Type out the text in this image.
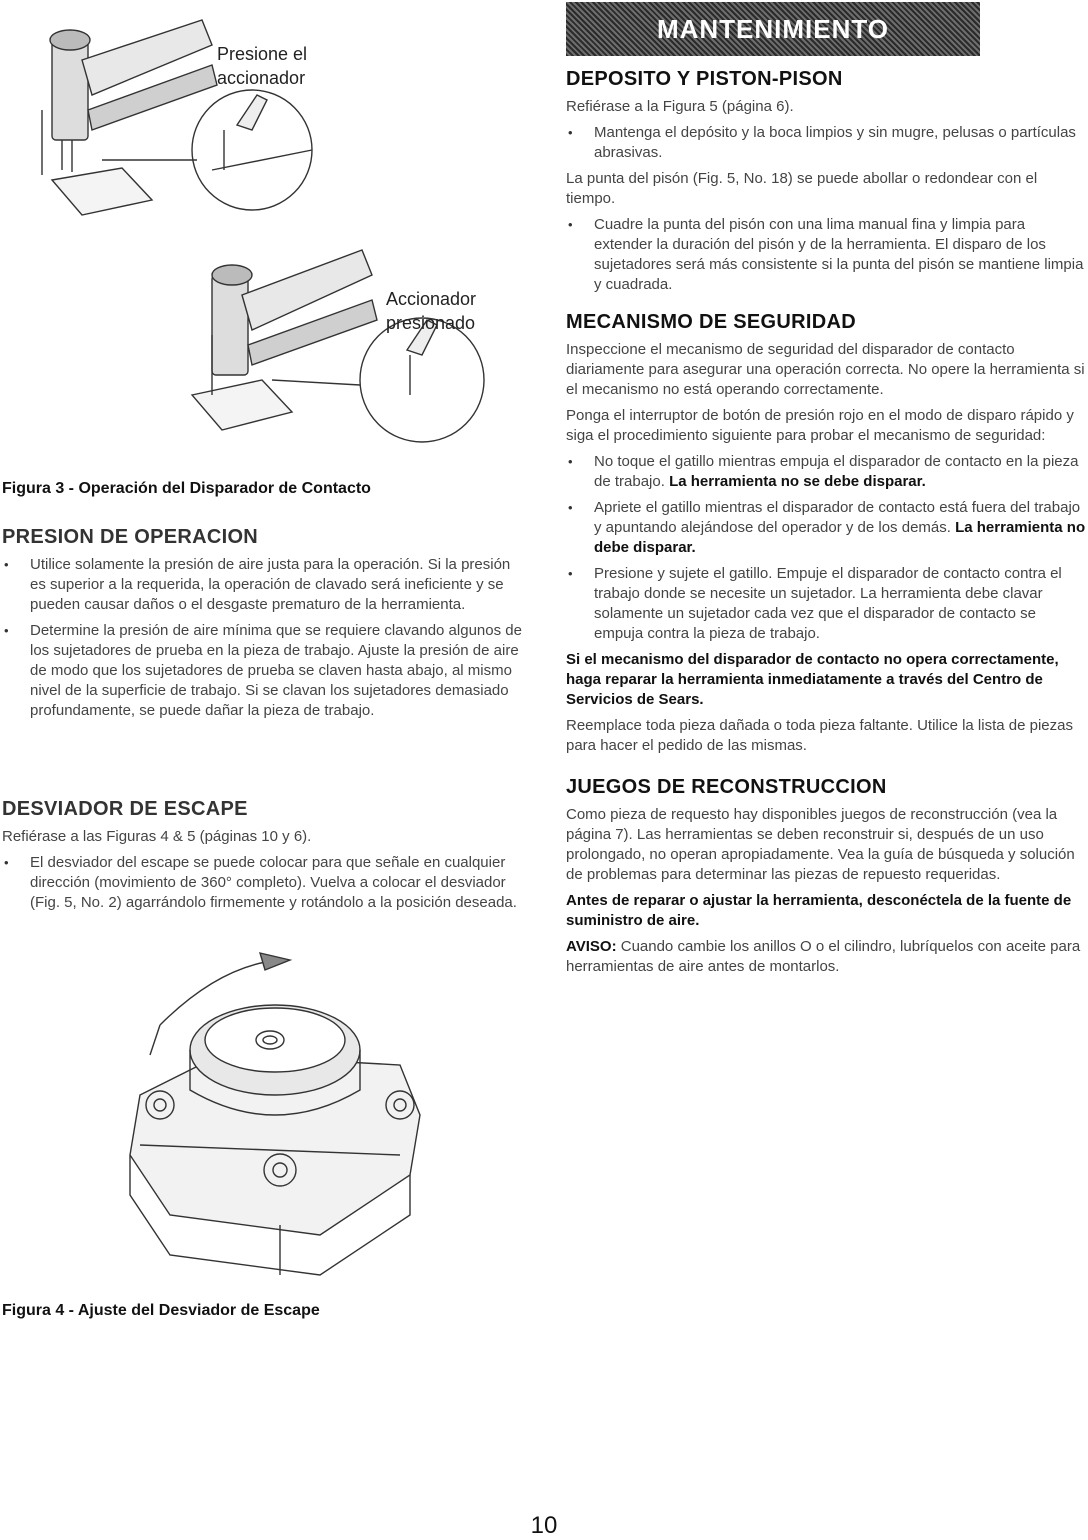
Presione el
accionador
Accionador
presionado
Figura 3 - Operación del Disparador de Contacto
PRESION DE OPERACION
• Utilice solamente la presión de aire justa para la operación. Si la presión es superior a la requerida, la operación de clavado será ineficiente y se pueden causar daños o el desgaste prematuro de la herramienta.
• Determine la presión de aire mínima que se requiere clavando algunos de los sujetadores de prueba en la pieza de trabajo. Ajuste la presión de aire de modo que los sujetadores de prueba se claven hasta abajo, al mismo nivel de la superficie de trabajo. Si se clavan los sujetadores demasiado profundamente, se puede dañar la pieza de trabajo.
DESVIADOR DE ESCAPE

Refiérase a las Figuras 4 & 5 (páginas 10 y 6).

• El desviador del escape se puede colocar para que señale en cualquier dirección (movimiento de 360° completo). Vuelva a colocar el desviador (Fig. 5, No. 2) agarrándolo firmemente y rotándolo a la posición deseada.
Figura 4 - Ajuste del Desviador de Escape
MANTENIMIENTO
DEPOSITO Y PISTON-PISON

Refiérase a la Figura 5 (página 6).

• Mantenga el depósito y la boca limpios y sin mugre, pelusas o partículas abrasivas.

La punta del pisón (Fig. 5, No. 18) se puede abollar o redondear con el tiempo.

• Cuadre la punta del pisón con una lima manual fina y limpia para extender la duración del pisón y de la herramienta. El disparo de los sujetadores será más consistente si la punta del pisón se mantiene limpia y cuadrada.
MECANISMO DE SEGURIDAD

Inspeccione el mecanismo de seguridad del disparador de contacto diariamente para asegurar una operación correcta. No opere la herramienta si el mecanismo no está operando correctamente.

Ponga el interruptor de botón de presión rojo en el modo de disparo rápido y siga el procedimiento siguiente para probar el mecanismo de seguridad:

• No toque el gatillo mientras empuja el disparador de contacto en la pieza de trabajo. La herramienta no se debe disparar.
• Apriete el gatillo mientras el disparador de contacto está fuera del trabajo y apuntando alejándose del operador y de los demás. La herramienta no debe disparar.
• Presione y sujete el gatillo. Empuje el disparador de contacto contra el trabajo donde se necesite un sujetador. La herramienta debe clavar solamente un sujetador cada vez que el disparador de contacto se empuja contra la pieza de trabajo.

Si el mecanismo del disparador de contacto no opera correctamente, haga reparar la herramienta inmediatamente a través del Centro de Servicios de Sears.

Reemplace toda pieza dañada o toda pieza faltante. Utilice la lista de piezas para hacer el pedido de las mismas.

JUEGOS DE RECONSTRUCCION

Como pieza de requesto hay disponibles juegos de reconstrucción (vea la página 7). Las herramientas se deben reconstruir si, después de un uso prolongado, no operan apropiadamente. Vea la guía de búsqueda y solución de problemas para determinar las piezas de repuesto requeridas.

Antes de reparar o ajustar la herramienta, desconéctela de la fuente de suministro de aire.

AVISO: Cuando cambie los anillos O o el cilindro, lubríquelos con aceite para herramientas de aire antes de montarlos.

10
